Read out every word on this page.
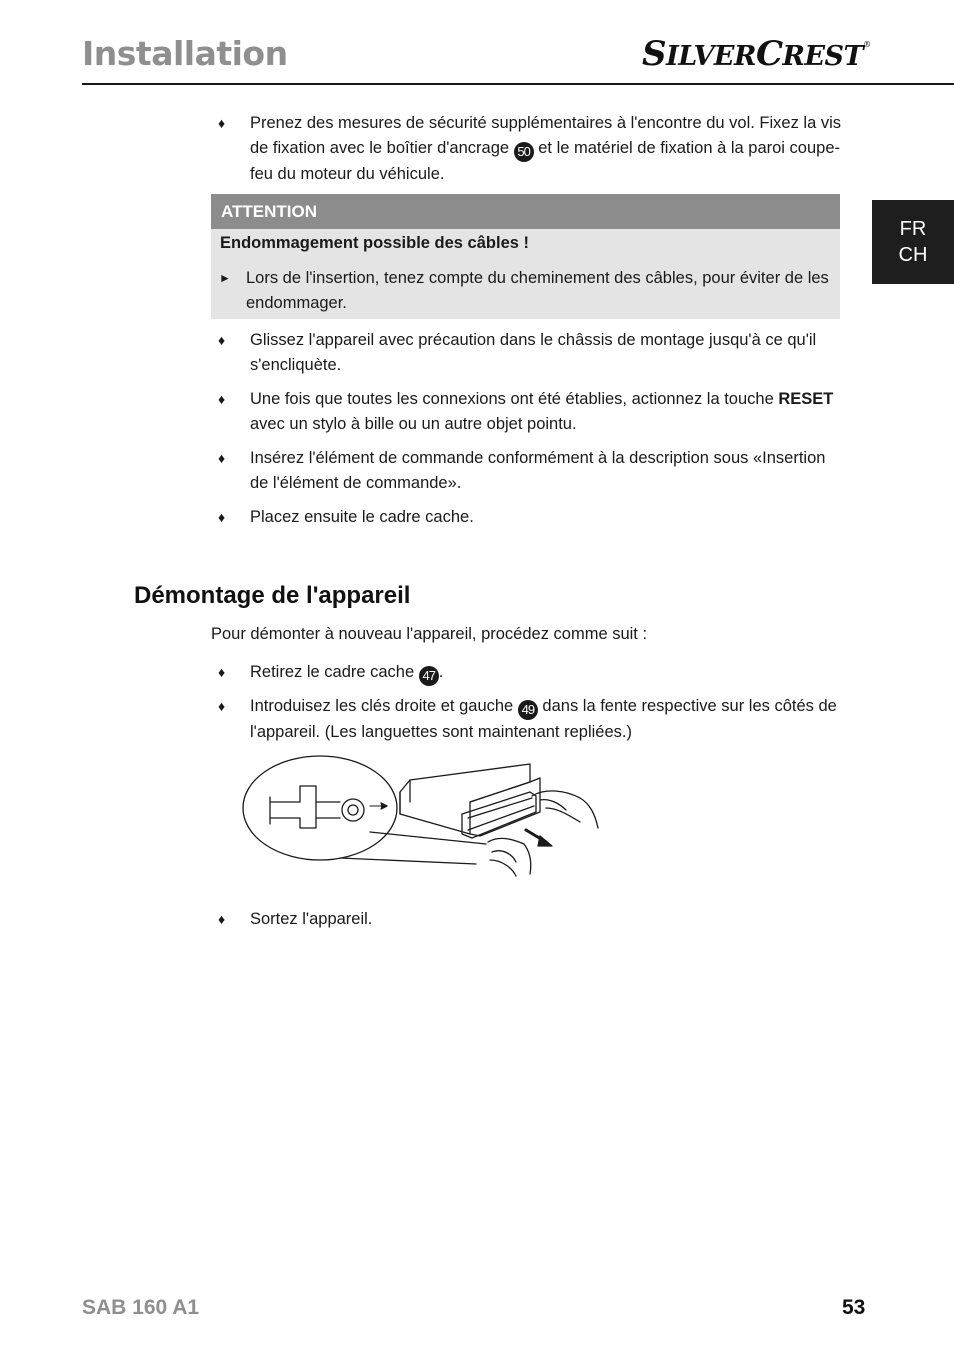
Installation	SILVERCREST®
FR
CH
♦ Prenez des mesures de sécurité supplémentaires à l'encontre du vol. Fixez la vis de fixation avec le boîtier d'ancrage 50 et le matériel de fixation à la paroi coupe-feu du moteur du véhicule.
ATTENTION
Endommagement possible des câbles !
► Lors de l'insertion, tenez compte du cheminement des câbles, pour éviter de les endommager.
♦ Glissez l'appareil avec précaution dans le châssis de montage jusqu'à ce qu'il s'encliquète.
♦ Une fois que toutes les connexions ont été établies, actionnez la touche RESET avec un stylo à bille ou un autre objet pointu.
♦ Insérez l'élément de commande conformément à la description sous «Insertion de l'élément de commande».
♦ Placez ensuite le cadre cache.
Démontage de l'appareil
Pour démonter à nouveau l'appareil, procédez comme suit :
♦ Retirez le cadre cache 47 .
♦ Introduisez les clés droite et gauche 49 dans la fente respective sur les côtés de l'appareil. (Les languettes sont maintenant repliées.)
♦ Sortez l'appareil.
SAB 160 A1	53
